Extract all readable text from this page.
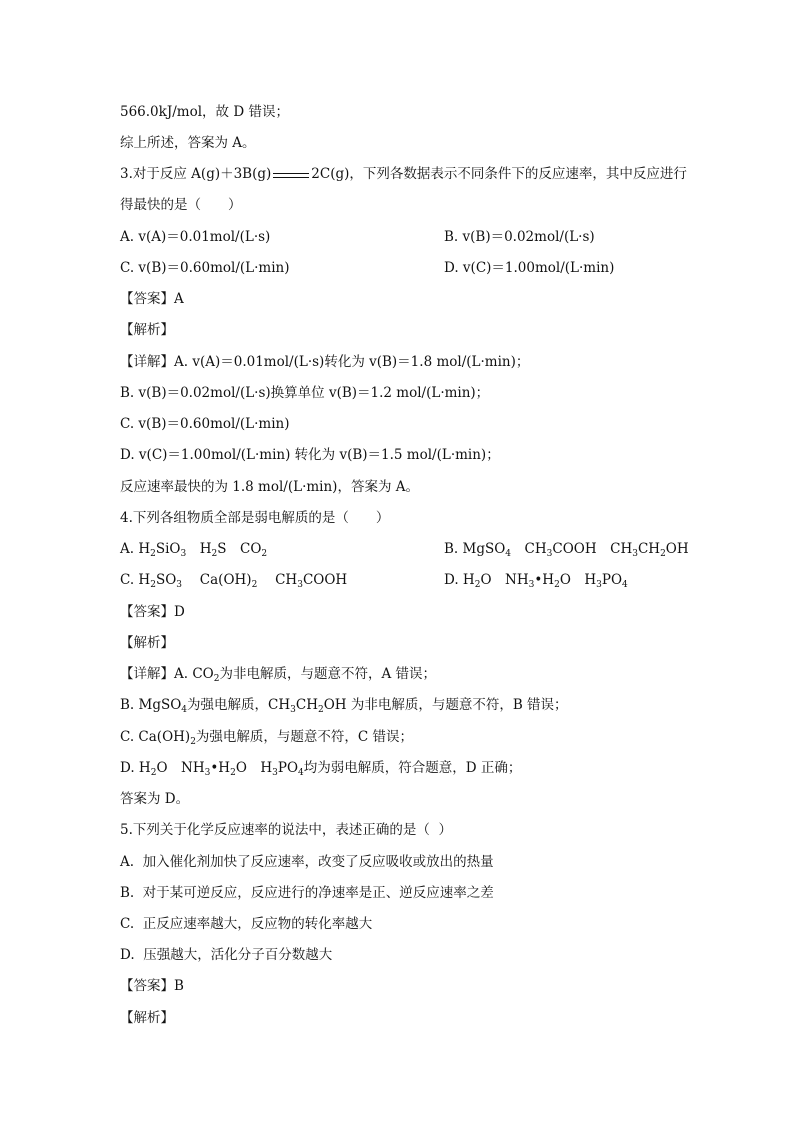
566.0kJ/mol，故 D 错误；
综上所述，答案为 A。
3.对于反应 A(g)＋3B(g)	2C(g)，下列各数据表示不同条件下的反应速率，其中反应进行
得最快的是（　　）
A. v(A)＝0.01mol/(L·s)	B. v(B)＝0.02mol/(L·s)
C. v(B)＝0.60mol/(L·min)	D. v(C)＝1.00mol/(L·min)
【答案】A
【解析】
【详解】A. v(A)＝0.01mol/(L·s)转化为 v(B)＝1.8 mol/(L·min)；
B. v(B)＝0.02mol/(L·s)换算单位 v(B)＝1.2 mol/(L·min)；
C. v(B)＝0.60mol/(L·min)
D. v(C)＝1.00mol/(L·min) 转化为 v(B)＝1.5 mol/(L·min)；
反应速率最快的为 1.8 mol/(L·min)，答案为 A。
4.下列各组物质全部是弱电解质的是（　　）
A. $H_2SiO_3$　$H_2S$　$CO_2$	B. MgSO$_4$　$CH_3COOH$　$CH_3CH_2OH$
C. $H_2SO_3$　 $Ca(OH)_2$　 $CH_3COOH$	D. $H_2O$　$NH_3•H_2O$　$H_3PO_4$
【答案】D
【解析】
【详解】A. $CO_2$为非电解质，与题意不符，A 错误；
B. MgSO$_4$为强电解质，$CH_3CH_2OH$ 为非电解质，与题意不符，B 错误；
C. $Ca(OH)_2$为强电解质，与题意不符，C 错误；
D. $H_2O$　$NH_3•H_2O$　$H_3PO_4$均为弱电解质，符合题意，D 正确；
答案为 D。
5.下列关于化学反应速率的说法中，表述正确的是（  ）
A.  加入催化剂加快了反应速率，改变了反应吸收或放出的热量
B.  对于某可逆反应，反应进行的净速率是正、逆反应速率之差
C.  正反应速率越大，反应物的转化率越大
D.  压强越大，活化分子百分数越大
【答案】B
【解析】
